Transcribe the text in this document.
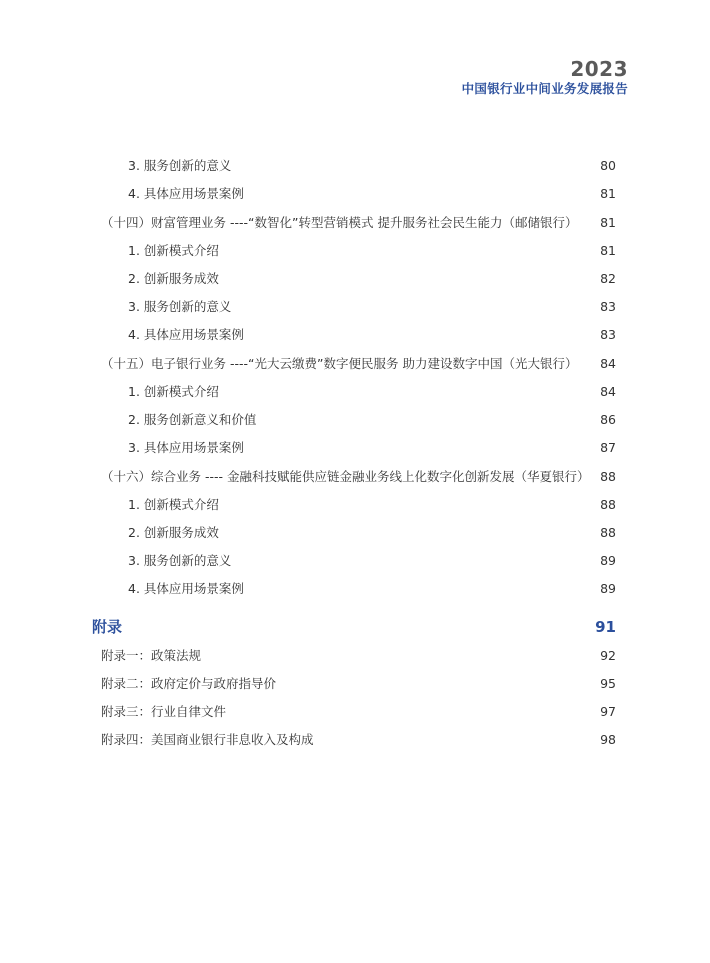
2023
中国银行业中间业务发展报告
3. 服务创新的意义	80
4. 具体应用场景案例	81
（十四）财富管理业务 ----“数智化”转型营销模式 提升服务社会民生能力（邮储银行） 81
1. 创新模式介绍	81
2. 创新服务成效	82
3. 服务创新的意义	83
4. 具体应用场景案例	83
（十五）电子银行业务 ----“光大云缴费”数字便民服务 助力建设数字中国（光大银行） 84
1. 创新模式介绍	84
2. 服务创新意义和价值	86
3. 具体应用场景案例	87
（十六）综合业务 ---- 金融科技赋能供应链金融业务线上化数字化创新发展（华夏银行） 88
1. 创新模式介绍	88
2. 创新服务成效	88
3. 服务创新的意义	89
4. 具体应用场景案例	89
附录	91
附录一：政策法规	92
附录二：政府定价与政府指导价	95
附录三：行业自律文件	97
附录四：美国商业银行非息收入及构成	98
